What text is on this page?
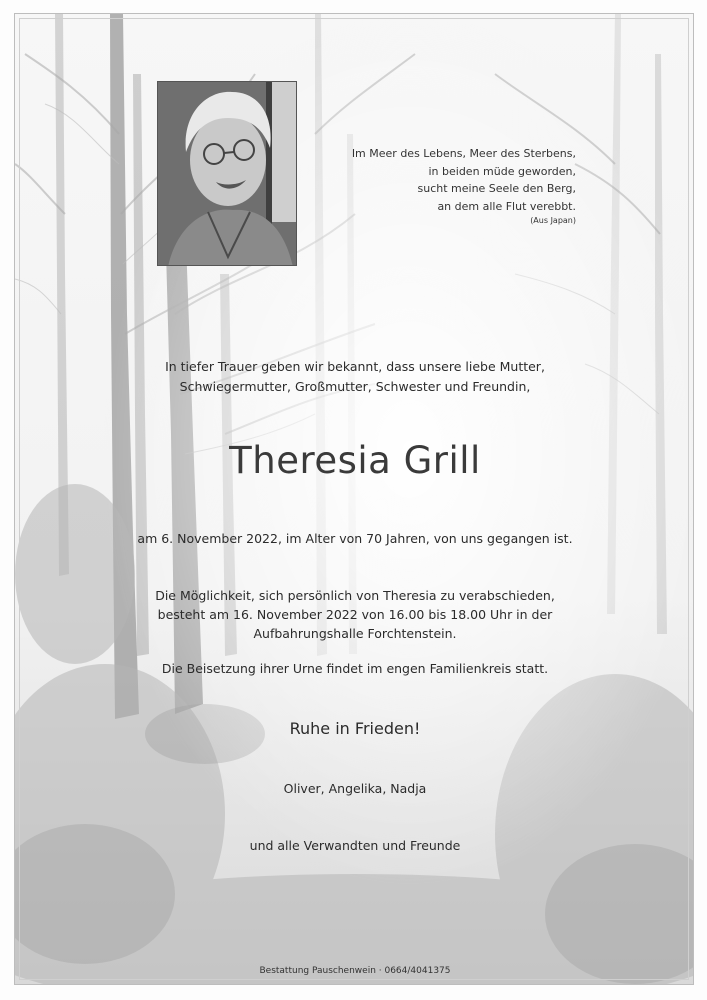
Im Meer des Lebens, Meer des Sterbens,
in beiden müde geworden,
sucht meine Seele den Berg,
an dem alle Flut verebbt.
(Aus Japan)
In tiefer Trauer geben wir bekannt, dass unsere liebe Mutter,
Schwiegermutter, Großmutter, Schwester und Freundin,
Theresia Grill
am 6. November 2022, im Alter von 70 Jahren, von uns gegangen ist.
Die Möglichkeit, sich persönlich von Theresia zu verabschieden,
besteht am 16. November 2022 von 16.00 bis 18.00 Uhr in der
Aufbahrungshalle Forchtenstein.
Die Beisetzung ihrer Urne findet im engen Familienkreis statt.
Ruhe in Frieden!
Oliver, Angelika, Nadja
und alle Verwandten und Freunde
Bestattung Pauschenwein · 0664/4041375
